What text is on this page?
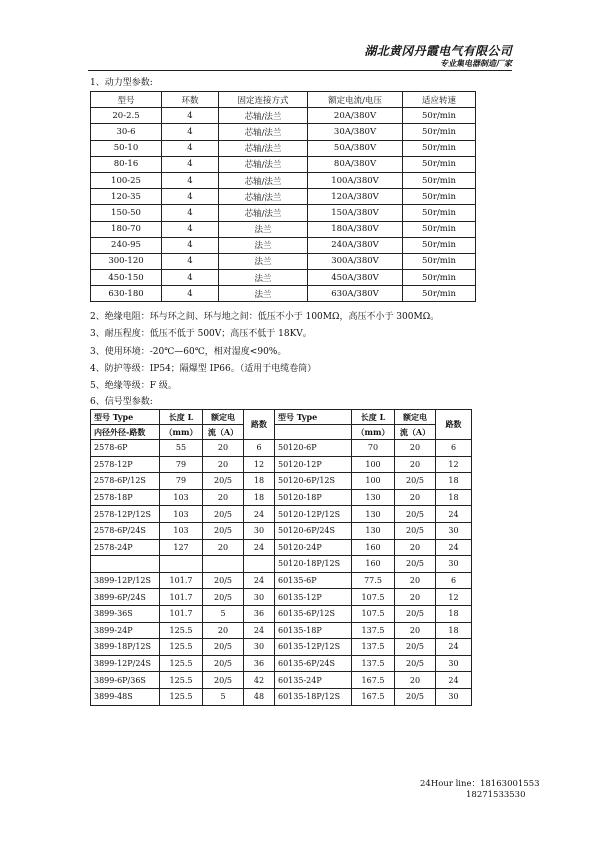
湖北黄冈丹霞电气有限公司
专业集电器制造厂家
1、动力型参数:
型号	环数	固定连接方式	额定电流/电压	适应转速
20-2.5	4	芯轴/法兰	20A/380V	50r/min
30-6	4	芯轴/法兰	30A/380V	50r/min
50-10	4	芯轴/法兰	50A/380V	50r/min
80-16	4	芯轴/法兰	80A/380V	50r/min
100-25	4	芯轴/法兰	100A/380V	50r/min
120-35	4	芯轴/法兰	120A/380V	50r/min
150-50	4	芯轴/法兰	150A/380V	50r/min
180-70	4	法兰	180A/380V	50r/min
240-95	4	法兰	240A/380V	50r/min
300-120	4	法兰	300A/380V	50r/min
450-150	4	法兰	450A/380V	50r/min
630-180	4	法兰	630A/380V	50r/min
2、绝缘电阻：环与环之间、环与地之间：低压不小于 100MΩ，高压不小于 300MΩ。
3、耐压程度：低压不低于 500V；高压不低于 18KV。
3、使用环境：-20℃—60℃，相对湿度<90%。
4、防护等级：IP54；隔爆型 IP66。（适用于电缆卷筒）
5、绝缘等级：F 级。
6、信号型参数:
型号 Type	长度 L	额定电	路数	型号 Type	长度 L	额定电	路数
内径外径-路数	（mm）	流（A）			（mm）	流（A）	
2578-6P	55	20	6	50120-6P	70	20	6
2578-12P	79	20	12	50120-12P	100	20	12
2578-6P/12S	79	20/5	18	50120-6P/12S	100	20/5	18
2578-18P	103	20	18	50120-18P	130	20	18
2578-12P/12S	103	20/5	24	50120-12P/12S	130	20/5	24
2578-6P/24S	103	20/5	30	50120-6P/24S	130	20/5	30
2578-24P	127	20	24	50120-24P	160	20	24
				50120-18P/12S	160	20/5	30
3899-12P/12S	101.7	20/5	24	60135-6P	77.5	20	6
3899-6P/24S	101.7	20/5	30	60135-12P	107.5	20	12
3899-36S	101.7	5	36	60135-6P/12S	107.5	20/5	18
3899-24P	125.5	20	24	60135-18P	137.5	20	18
3899-18P/12S	125.5	20/5	30	60135-12P/12S	137.5	20/5	24
3899-12P/24S	125.5	20/5	36	60135-6P/24S	137.5	20/5	30
3899-6P/36S	125.5	20/5	42	60135-24P	167.5	20	24
3899-48S	125.5	5	48	60135-18P/12S	167.5	20/5	30
24Hour line：18163001553
18271533530
